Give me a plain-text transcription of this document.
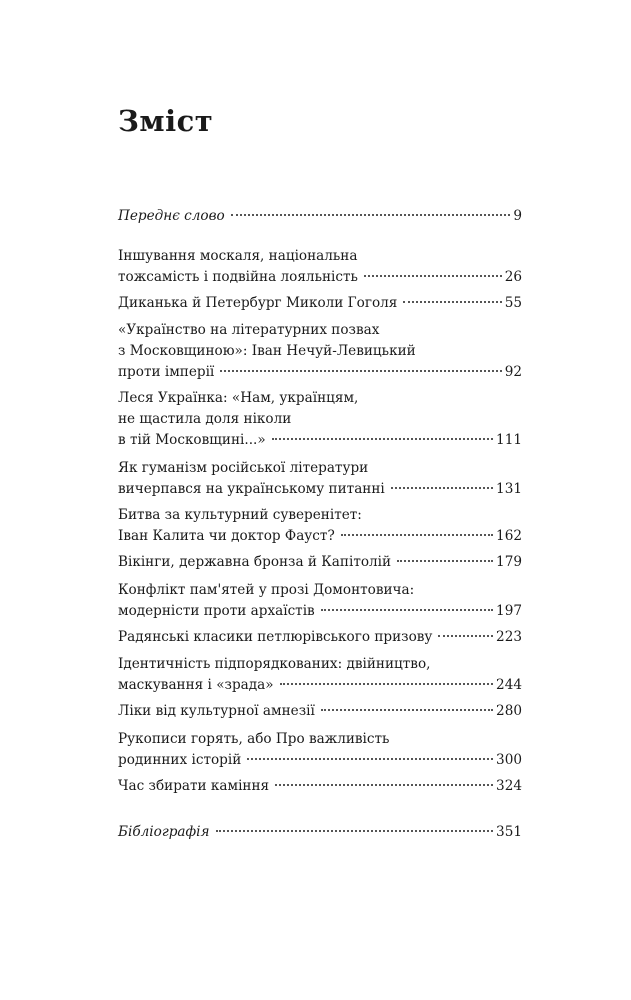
Зміст
Переднє слово	9
Іншування москаля, національна
тожсамість і подвійна лояльність	26
Диканька й Петербург Миколи Гоголя	55
«Українство на літературних позвах
з Московщиною»: Іван Нечуй-Левицький
проти імперії	92
Леся Українка: «Нам, українцям,
не щастила доля ніколи
в тій Московщині...»	111
Як гуманізм російської літератури
вичерпався на українському питанні	131
Битва за культурний суверенітет:
Іван Калита чи доктор Фауст?	162
Вікінги, державна бронза й Капітолій	179
Конфлікт пам'ятей у прозі Домонтовича:
модерністи проти архаїстів	197
Радянські класики петлюрівського призову	223
Ідентичність підпорядкованих: двійництво,
маскування і «зрада»	244
Ліки від культурної амнезії	280
Рукописи горять, або Про важливість
родинних історій	300
Час збирати каміння	324
Бібліографія	351
